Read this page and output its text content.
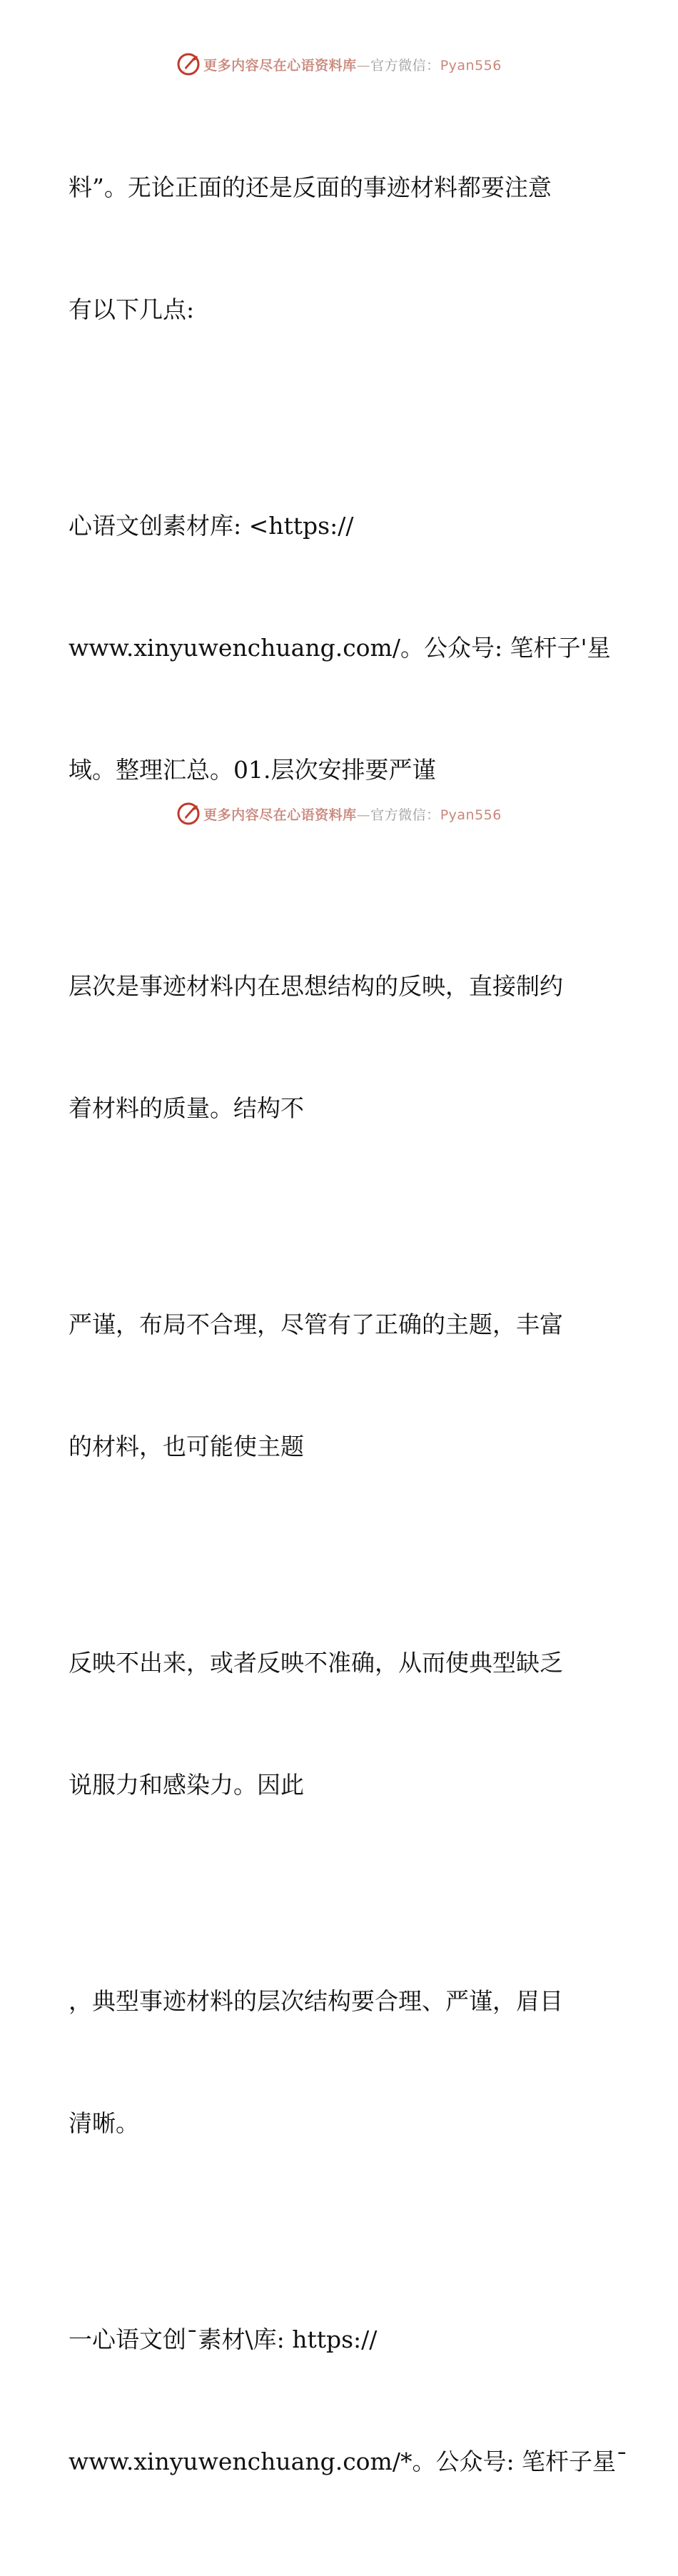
更多内容尽在心语资料库—官方微信：Pyan556

料”。无论正面的还是反面的事迹材料都要注意

有以下几点:

心语文创素材库: <https://

www.xinyuwenchuang.com/。公众号: 笔杆子'星

域。整理汇总。01.层次安排要严谨

层次是事迹材料内在思想结构的反映，直接制约

着材料的质量。结构不

严谨，布局不合理，尽管有了正确的主题，丰富

的材料，也可能使主题

反映不出来，或者反映不准确，从而使典型缺乏

说服力和感染力。因此

，典型事迹材料的层次结构要合理、严谨，眉目

清晰。

一心语文创¯素材\库: https://

www.xinyuwenchuang.com/*。公众号: 笔杆子星¯

更多内容尽在心语资料库—官方微信：Pyan556
